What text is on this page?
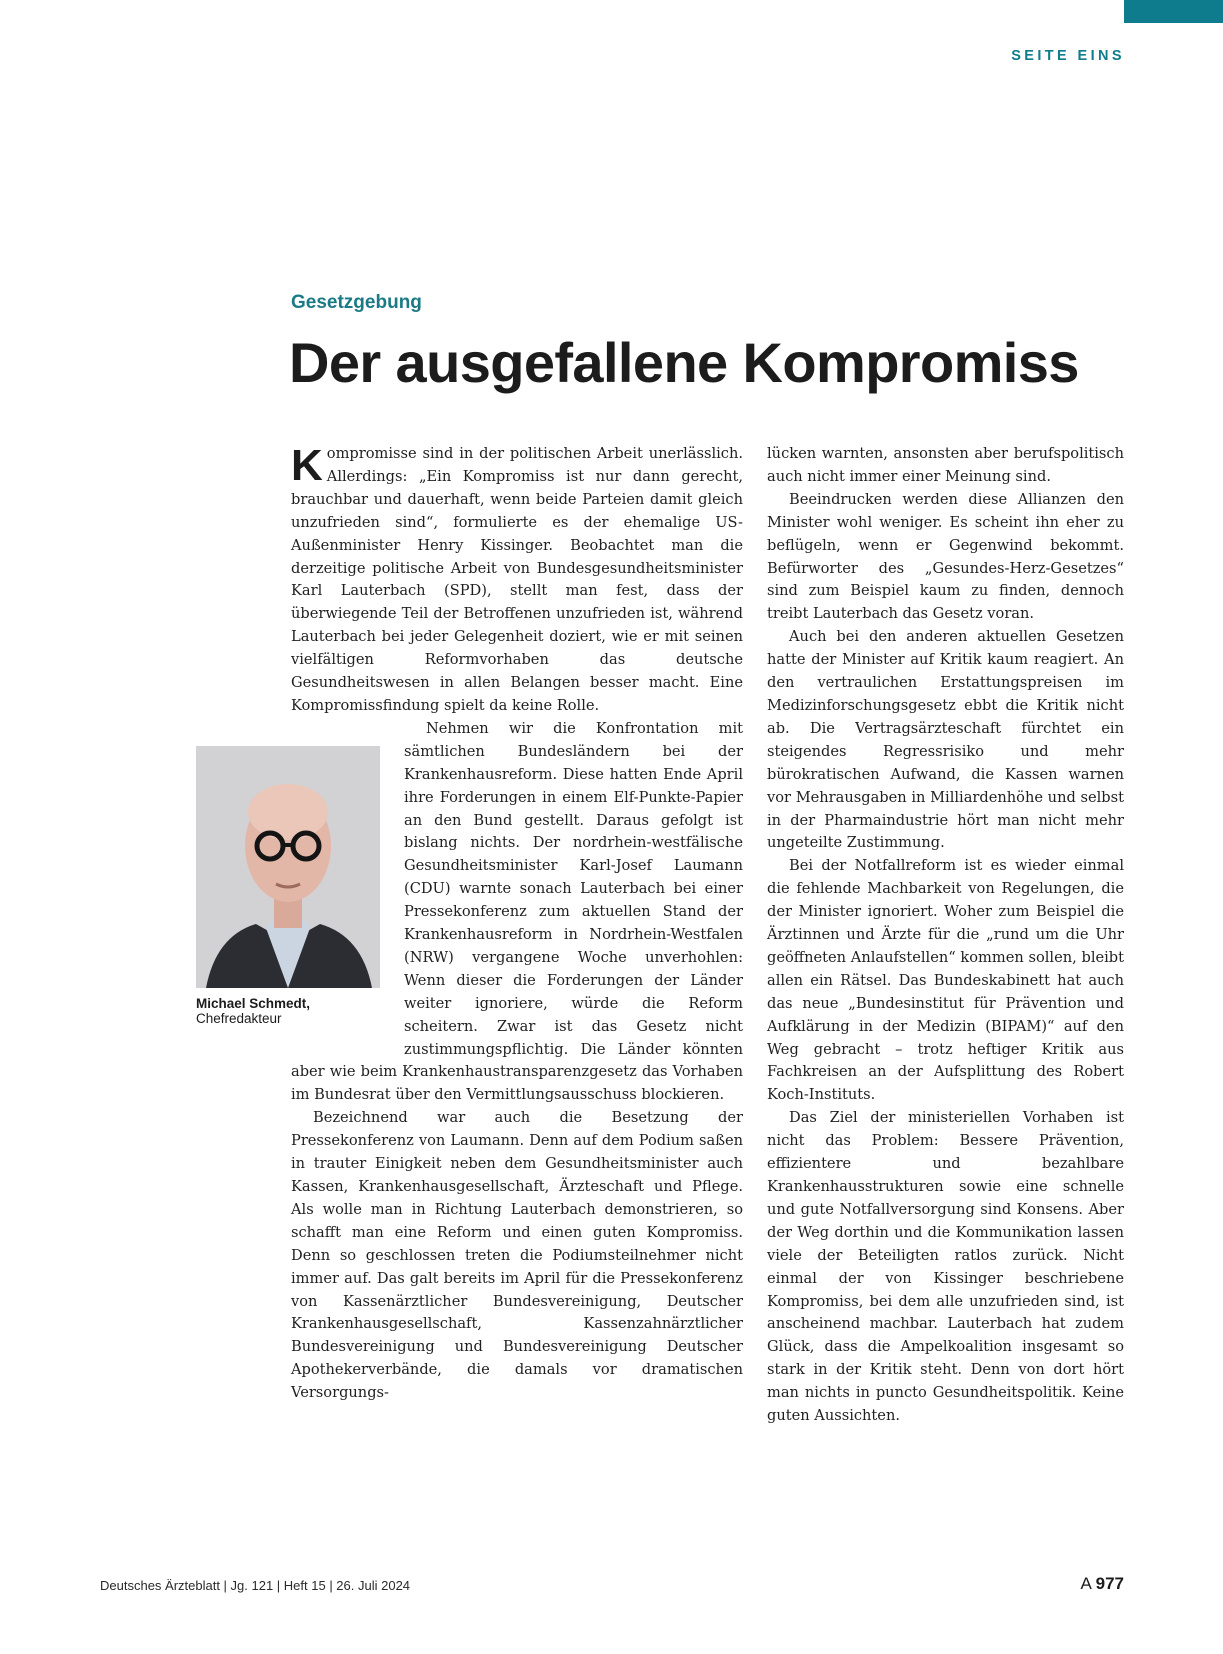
SEITE EINS
Gesetzgebung
Der ausgefallene Kompromiss
Michael Schmedt,
Chefredakteur

Kompromisse sind in der politischen Arbeit unerlässlich. Allerdings: „Ein Kompromiss ist nur dann gerecht, brauchbar und dauerhaft, wenn beide Parteien damit gleich unzufrieden sind“, formulierte es der ehemalige US-Außenminister Henry Kissinger. Beobachtet man die derzeitige politische Arbeit von Bundesgesundheitsminister Karl Lauterbach (SPD), stellt man fest, dass der überwiegende Teil der Betroffenen unzufrieden ist, während Lauterbach bei jeder Gelegenheit doziert, wie er mit seinen vielfältigen Reformvorhaben das deutsche Gesundheitswesen in allen Belangen besser macht. Eine Kompromissfindung spielt da keine Rolle.

Nehmen wir die Konfrontation mit sämtlichen Bundesländern bei der Krankenhausreform. Diese hatten Ende April ihre Forderungen in einem Elf-Punkte-Papier an den Bund gestellt. Daraus gefolgt ist bislang nichts. Der nordrhein-westfälische Gesundheitsminister Karl-Josef Laumann (CDU) warnte sonach Lauterbach bei einer Pressekonferenz zum aktuellen Stand der Krankenhausreform in Nordrhein-Westfalen (NRW) vergangene Woche unverhohlen: Wenn dieser die Forderungen der Länder weiter ignoriere, würde die Reform scheitern. Zwar ist das Gesetz nicht zustimmungspflichtig. Die Länder könnten aber wie beim Krankenhaustransparenzgesetz das Vorhaben im Bundesrat über den Vermittlungsausschuss blockieren.

Bezeichnend war auch die Besetzung der Pressekonferenz von Laumann. Denn auf dem Podium saßen in trauter Einigkeit neben dem Gesundheitsminister auch Kassen, Krankenhausgesellschaft, Ärzteschaft und Pflege. Als wolle man in Richtung Lauterbach demonstrieren, so schafft man eine Reform und einen guten Kompromiss. Denn so geschlossen treten die Podiumsteilnehmer nicht immer auf. Das galt bereits im April für die Pressekonferenz von Kassenärztlicher Bundesvereinigung, Deutscher Krankenhausgesellschaft, Kassenzahnärztlicher Bundesvereinigung und Bundesvereinigung Deutscher Apothekerverbände, die damals vor dramatischen Versorgungs-

lücken warnten, ansonsten aber berufspolitisch auch nicht immer einer Meinung sind.

Beeindrucken werden diese Allianzen den Minister wohl weniger. Es scheint ihn eher zu beflügeln, wenn er Gegenwind bekommt. Befürworter des „Gesundes-Herz-Gesetzes“ sind zum Beispiel kaum zu finden, dennoch treibt Lauterbach das Gesetz voran.

Auch bei den anderen aktuellen Gesetzen hatte der Minister auf Kritik kaum reagiert. An den vertraulichen Erstattungspreisen im Medizinforschungsgesetz ebbt die Kritik nicht ab. Die Vertragsärzteschaft fürchtet ein steigendes Regressrisiko und mehr bürokratischen Aufwand, die Kassen warnen vor Mehrausgaben in Milliardenhöhe und selbst in der Pharmaindustrie hört man nicht mehr ungeteilte Zustimmung.

Bei der Notfallreform ist es wieder einmal die fehlende Machbarkeit von Regelungen, die der Minister ignoriert. Woher zum Beispiel die Ärztinnen und Ärzte für die „rund um die Uhr geöffneten Anlaufstellen“ kommen sollen, bleibt allen ein Rätsel. Das Bundeskabinett hat auch das neue „Bundesinstitut für Prävention und Aufklärung in der Medizin (BIPAM)“ auf den Weg gebracht – trotz heftiger Kritik aus Fachkreisen an der Aufsplittung des Robert Koch-Instituts.

Das Ziel der ministeriellen Vorhaben ist nicht das Problem: Bessere Prävention, effizientere und bezahlbare Krankenhausstrukturen sowie eine schnelle und gute Notfallversorgung sind Konsens. Aber der Weg dorthin und die Kommunikation lassen viele der Beteiligten ratlos zurück. Nicht einmal der von Kissinger beschriebene Kompromiss, bei dem alle unzufrieden sind, ist anscheinend machbar. Lauterbach hat zudem Glück, dass die Ampelkoalition insgesamt so stark in der Kritik steht. Denn von dort hört man nichts in puncto Gesundheitspolitik. Keine guten Aussichten.

Deutsches Ärzteblatt | Jg. 121 | Heft 15 | 26. Juli 2024	A 977
